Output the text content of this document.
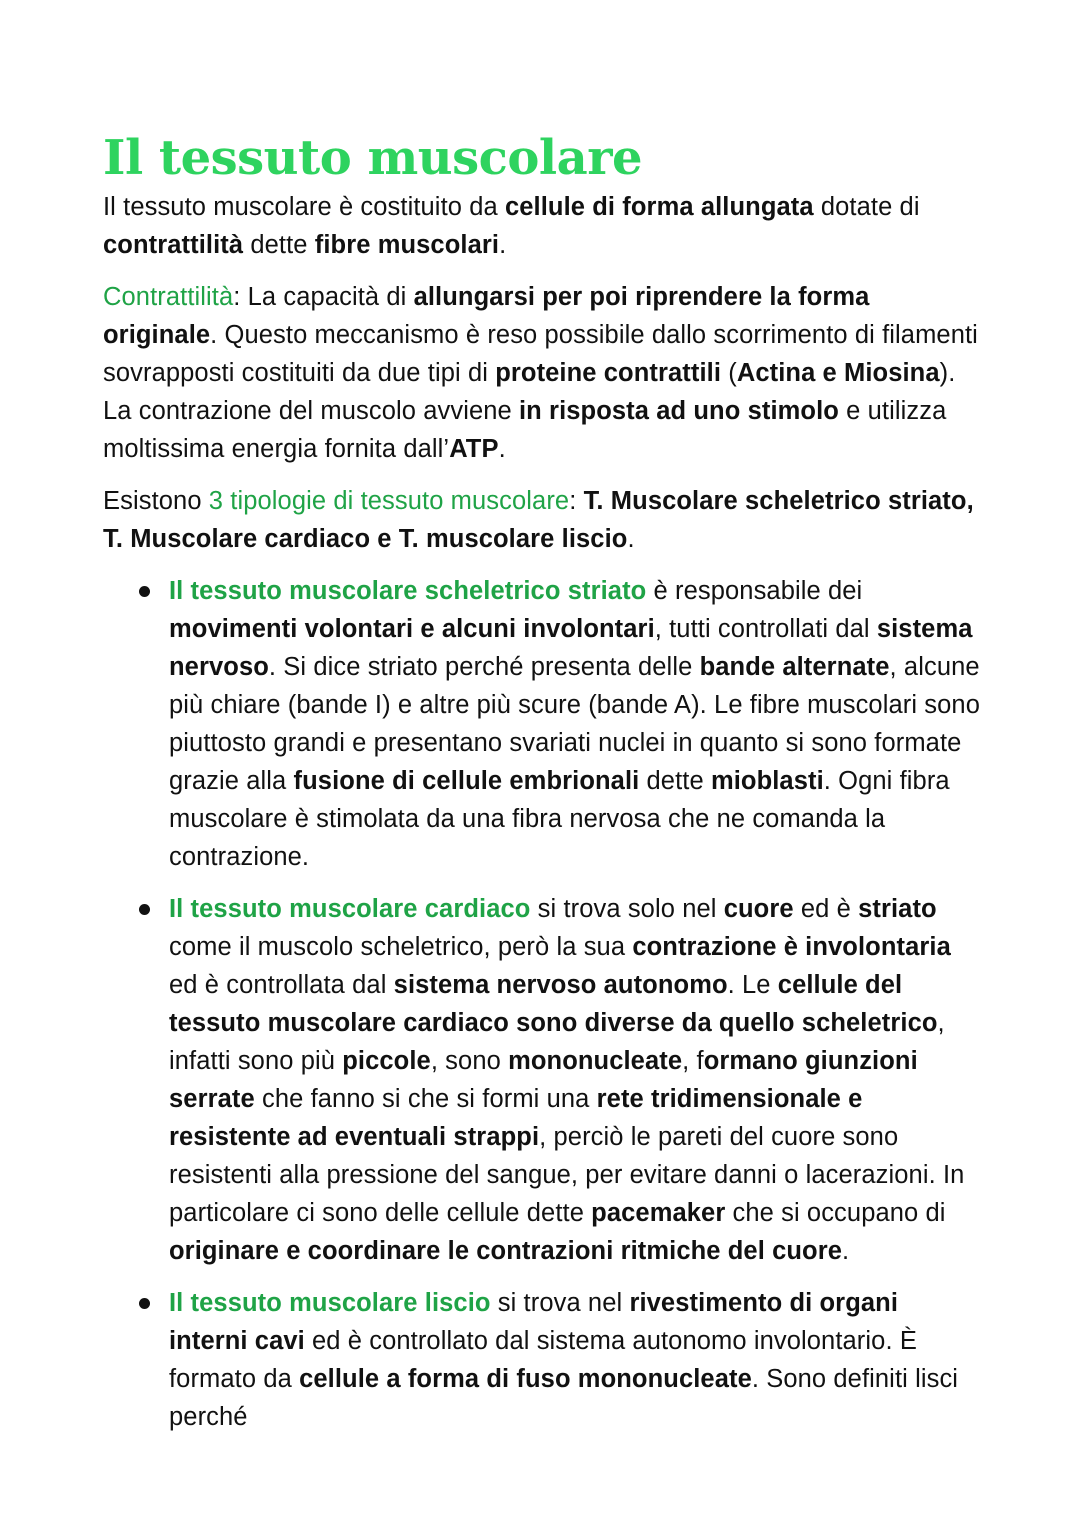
Il tessuto muscolare

Il tessuto muscolare è costituito da cellule di forma allungata dotate di contrattilità dette fibre muscolari.

Contrattilità: La capacità di allungarsi per poi riprendere la forma originale. Questo meccanismo è reso possibile dallo scorrimento di filamenti sovrapposti costituiti da due tipi di proteine contrattili (Actina e Miosina). La contrazione del muscolo avviene in risposta ad uno stimolo e utilizza moltissima energia fornita dall’ATP.

Esistono 3 tipologie di tessuto muscolare: T. Muscolare scheletrico striato, T. Muscolare cardiaco e T. muscolare liscio.

Il tessuto muscolare scheletrico striato è responsabile dei movimenti volontari e alcuni involontari, tutti controllati dal sistema nervoso. Si dice striato perché presenta delle bande alternate, alcune più chiare (bande I) e altre più scure (bande A). Le fibre muscolari sono piuttosto grandi e presentano svariati nuclei in quanto si sono formate grazie alla fusione di cellule embrionali dette mioblasti. Ogni fibra muscolare è stimolata da una fibra nervosa che ne comanda la contrazione.
Il tessuto muscolare cardiaco si trova solo nel cuore ed è striato come il muscolo scheletrico, però la sua contrazione è involontaria ed è controllata dal sistema nervoso autonomo. Le cellule del tessuto muscolare cardiaco sono diverse da quello scheletrico, infatti sono più piccole, sono mononucleate, formano giunzioni serrate che fanno si che si formi una rete tridimensionale e resistente ad eventuali strappi, perciò le pareti del cuore sono resistenti alla pressione del sangue, per evitare danni o lacerazioni. In particolare ci sono delle cellule dette pacemaker che si occupano di originare e coordinare le contrazioni ritmiche del cuore.
Il tessuto muscolare liscio si trova nel rivestimento di organi interni cavi ed è controllato dal sistema autonomo involontario. È formato da cellule a forma di fuso mononucleate. Sono definiti lisci perché
